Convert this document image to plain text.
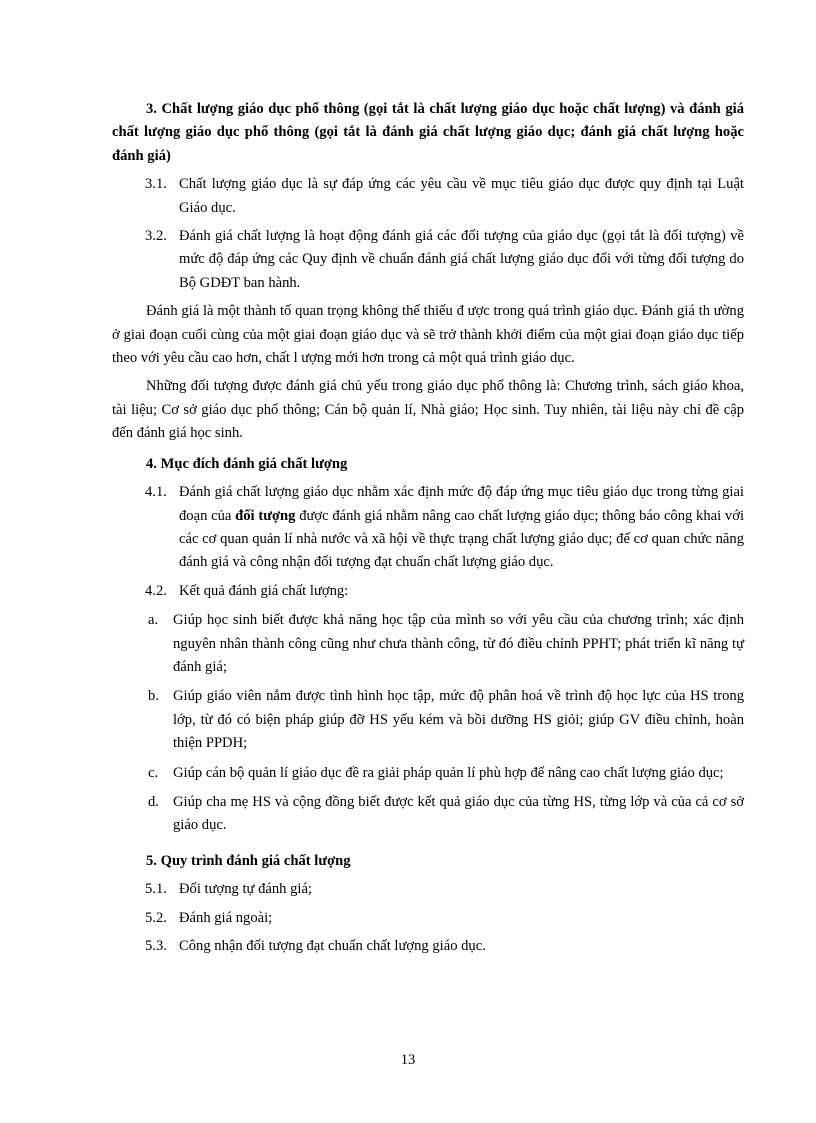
3. Chất lượng giáo dục phổ thông (gọi tắt là chất lượng giáo dục hoặc chất lượng) và đánh giá chất lượng giáo dục phổ thông (gọi tắt là đánh giá chất lượng giáo dục; đánh giá chất lượng hoặc đánh giá)

3.1. Chất lượng giáo dục là sự đáp ứng các yêu cầu về mục tiêu giáo dục được quy định tại Luật Giáo dục.
3.2. Đánh giá chất lượng là hoạt động đánh giá các đối tượng của giáo dục (gọi tắt là đối tượng) về mức độ đáp ứng các Quy định về chuẩn đánh giá chất lượng giáo dục đối với từng đối tượng do Bộ GDĐT ban hành.

Đánh giá là một thành tố quan trọng không thể thiếu đ ược trong quá trình giáo dục. Đánh giá th ường ở giai đoạn cuối cùng của một giai đoạn giáo dục và sẽ trở thành khởi điểm của một giai đoạn giáo dục tiếp theo với yêu cầu cao hơn, chất l ượng mới hơn trong cả một quá trình giáo dục.

Những đối tượng được đánh giá chủ yếu trong giáo dục phổ thông là: Chương trình, sách giáo khoa, tài liệu; Cơ sở giáo dục phổ thông; Cán bộ quản lí, Nhà giáo; Học sinh. Tuy nhiên, tài liệu này chỉ đề cập đến đánh giá học sinh.

4. Mục đích đánh giá chất lượng

4.1. Đánh giá chất lượng giáo dục nhằm xác định mức độ đáp ứng mục tiêu giáo dục trong từng giai đoạn của đối tượng được đánh giá nhằm nâng cao chất lượng giáo dục; thông báo công khai với các cơ quan quản lí nhà nước và xã hội về thực trạng chất lượng giáo dục; để cơ quan chức năng đánh giá và công nhận đối tượng đạt chuẩn chất lượng giáo dục.
4.2. Kết quả đánh giá chất lượng:
a.	Giúp học sinh biết được khả năng học tập của mình so với yêu cầu của chương trình; xác định nguyên nhân thành công cũng như chưa thành công, từ đó điều chỉnh PPHT; phát triển kĩ năng tự đánh giá;
b. Giúp giáo viên nắm được tình hình học tập, mức độ phân hoá về trình độ học lực của HS trong lớp, từ đó có biện pháp giúp đỡ HS yếu kém và bồi dưỡng HS giỏi; giúp GV điều chỉnh, hoàn thiện PPDH;
c.	Giúp cán bộ quản lí giáo dục đề ra giải pháp quản lí phù hợp để nâng cao chất lượng giáo dục;
d. Giúp cha mẹ HS và cộng đồng biết được kết quả giáo dục của từng HS, từng lớp và của cả cơ sở giáo dục.

5. Quy trình đánh giá chất lượng

5.1. Đối tượng tự đánh giá;
5.2. Đánh giá ngoài;
5.3. Công nhận đối tượng đạt chuẩn chất lượng giáo dục.
13
